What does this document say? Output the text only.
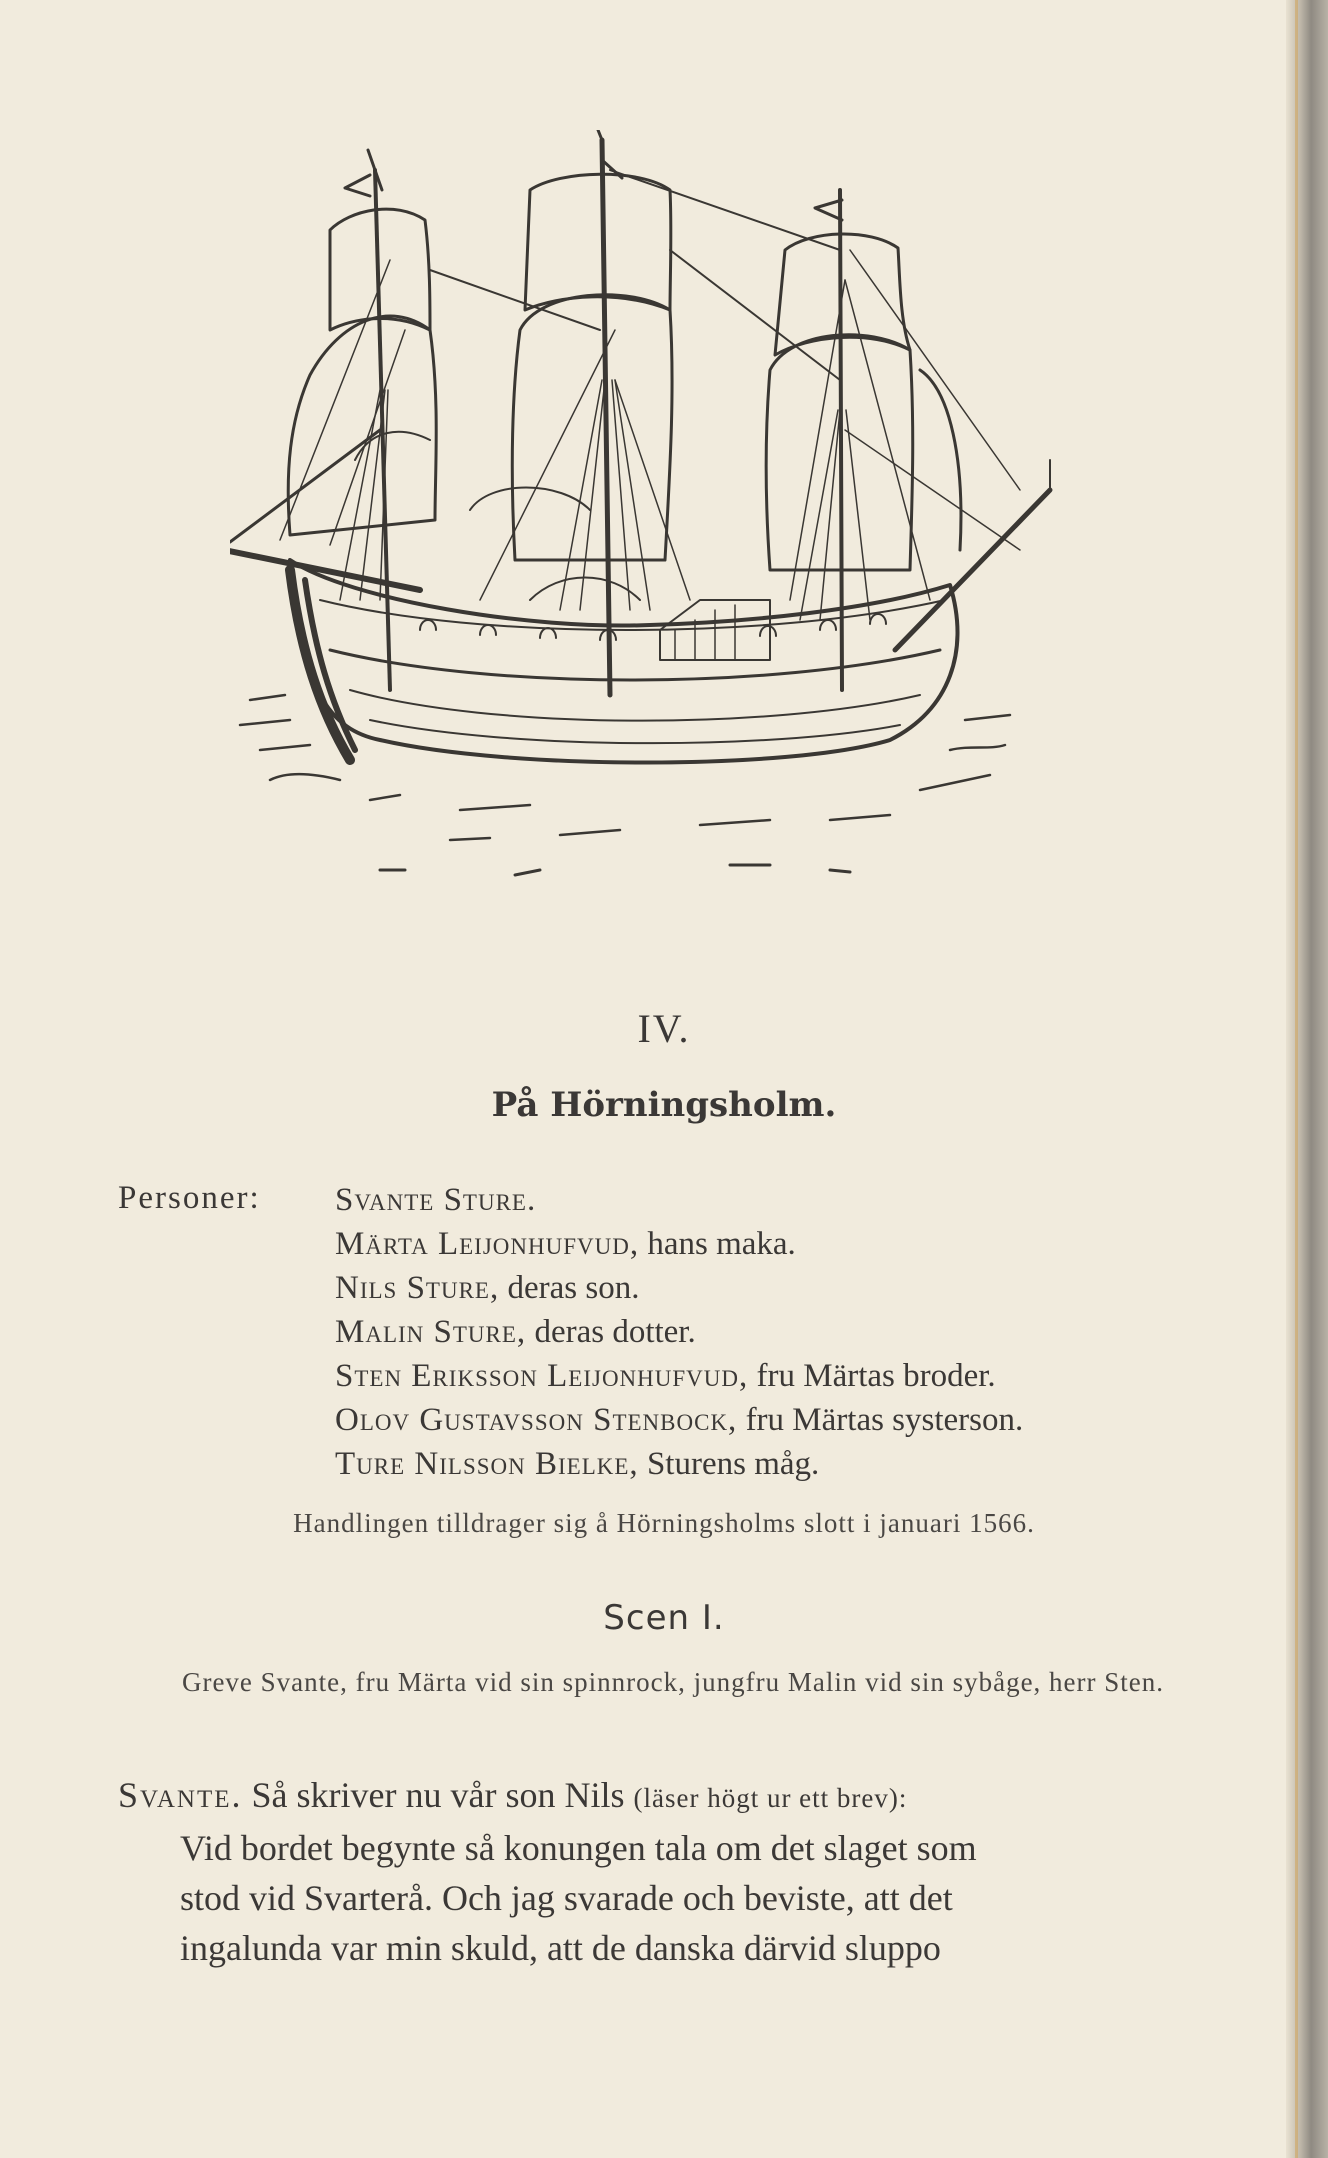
IV.
På Hörningsholm.
Personer: Svante Sture.
Märta Leijonhufvud, hans maka.
Nils Sture, deras son.
Malin Sture, deras dotter.
Sten Eriksson Leijonhufvud, fru Märtas broder.
Olov Gustavsson Stenbock, fru Märtas systerson.
Ture Nilsson Bielke, Sturens måg.
Handlingen tilldrager sig å Hörningsholms slott i januari 1566.
Scen I.
Greve Svante, fru Märta vid sin spinnrock, jungfru Malin vid sin sybåge, herr Sten.

Svante. Så skriver nu vår son Nils (läser högt ur ett brev):

Vid bordet begynte så konungen tala om det slaget som

stod vid Svarterå. Och jag svarade och beviste, att det

ingalunda var min skuld, att de danska därvid sluppo
